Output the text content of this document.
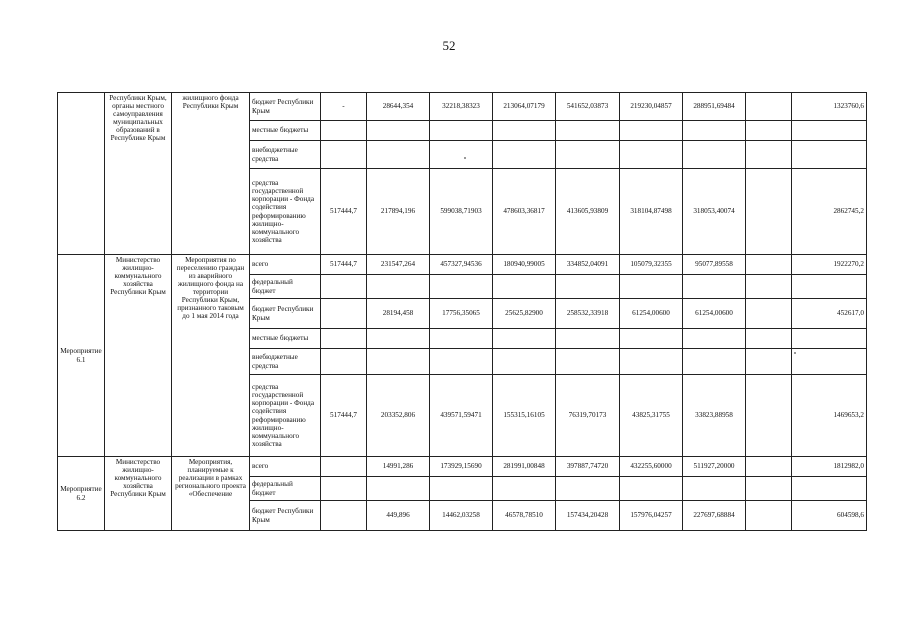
52
	Республики Крым, органы местного самоуправления муниципальных образований в Республике Крым	жилищного фонда Республики Крым	бюджет Республики Крым	-	28644,354	32218,38323	213064,07179	541652,03873	219230,04857	288951,69484		1323760,6
			местные бюджеты									
			внебюджетные средства									
			средства государственной корпорации - Фонда содействия реформированию жилищно-коммунального хозяйства	517444,7	217894,196	599038,71903	478603,36817	413605,93809	318104,87498	318053,40074		2862745,2
Мероприятие 6.1	Министерство жилищно-коммунального хозяйства Республики Крым	Мероприятия по переселению граждан из аварийного жилищного фонда на территории Республики Крым, признанного таковым до 1 мая 2014 года	всего	517444,7	231547,264	457327,94536	180940,99005	334852,04091	105079,32355	95077,89558		1922270,2
			федеральный бюджет									
			бюджет Республики Крым		28194,458	17756,35065	25625,82900	258532,33918	61254,00600	61254,00600		452617,0
			местные бюджеты									
			внебюджетные средства									
			средства государственной корпорации - Фонда содействия реформированию жилищно-коммунального хозяйства	517444,7	203352,806	439571,59471	155315,16105	76319,70173	43825,31755	33823,88958		1469653,2
Мероприятие 6.2	Министерство жилищно-коммунального хозяйства Республики Крым	Мероприятия, планируемые к реализации в рамках регионального проекта «Обеспечение	всего		14991,286	173929,15690	281991,00848	397887,74720	432255,60000	511927,20000		1812982,0
			федеральный бюджет									
			бюджет Республики Крым		449,896	14462,03258	46578,78510	157434,20428	157976,04257	227697,68884		604598,6
